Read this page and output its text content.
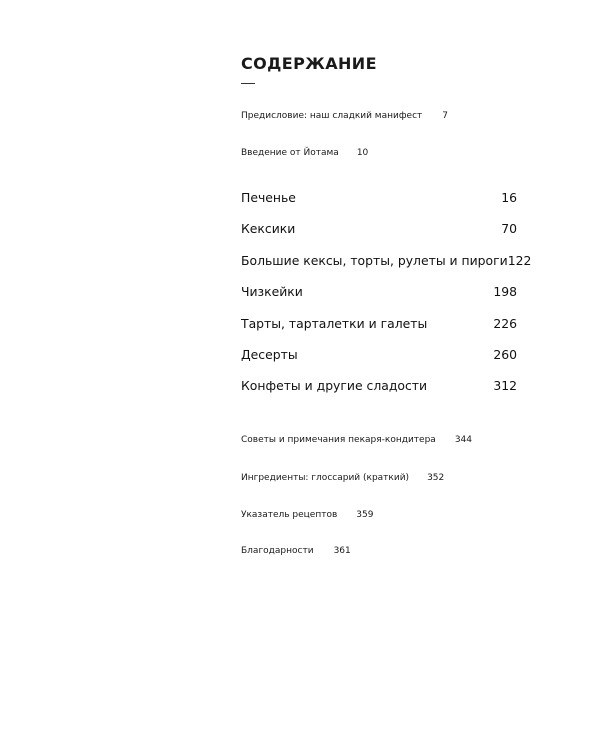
СОДЕРЖАНИЕ
Предисловие: наш сладкий манифест 7
Введение от Йотама 10
Печенье	16
Кексики	70
Большие кексы, торты, рулеты и пироги 122
Чизкейки	198
Тарты, тарталетки и галеты	226
Десерты	260
Конфеты и другие сладости	312
Советы и примечания пекаря-кондитера 344
Ингредиенты: глоссарий (краткий) 352
Указатель рецептов 359
Благодарности 361
